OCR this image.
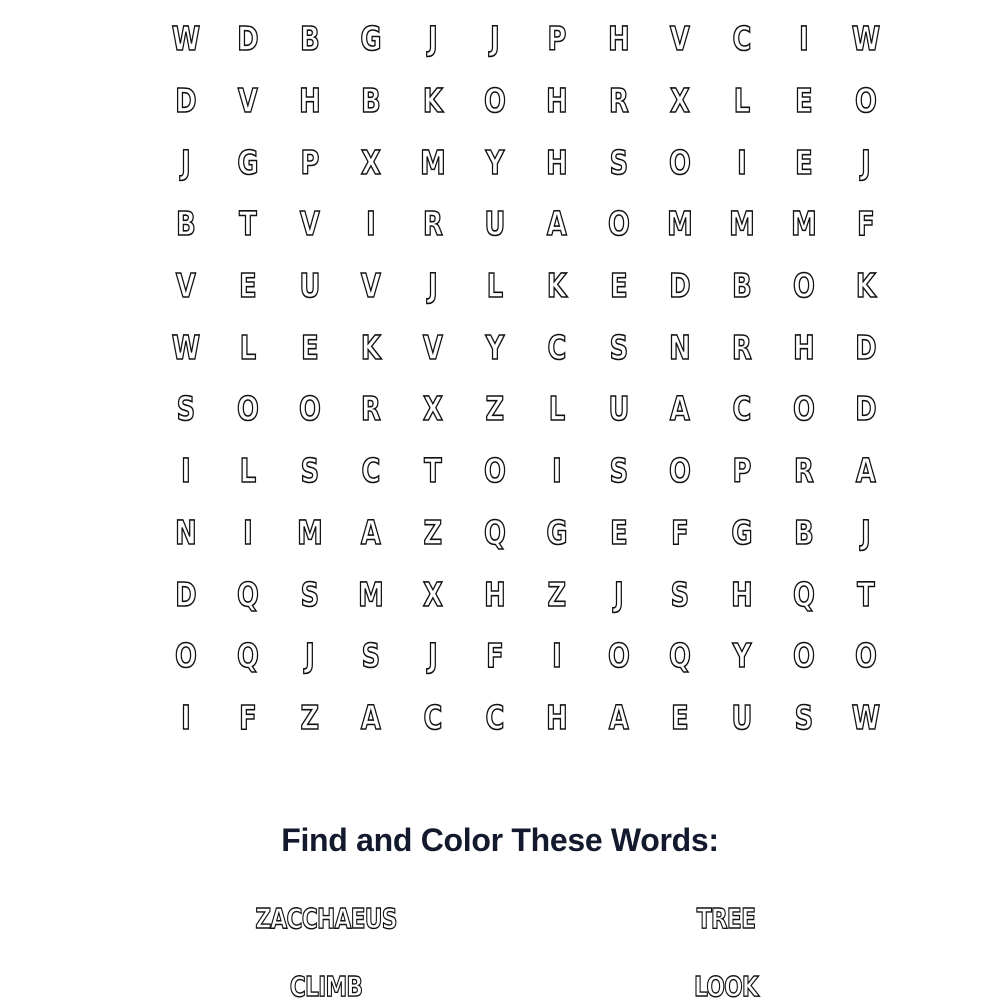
W	D	B	G	J	J	P	H	V	C	I	W
D	V	H	B	K	O	H	R	X	L	E	O
J	G	P	X	M	Y	H	S	O	I	E	J
B	T	V	I	R	U	A	O	M	M	M	F
V	E	U	V	J	L	K	E	D	B	O	K
W	L	E	K	V	Y	C	S	N	R	H	D
S	O	O	R	X	Z	L	U	A	C	O	D
I	L	S	C	T	O	I	S	O	P	R	A
N	I	M	A	Z	Q	G	E	F	G	B	J
D	Q	S	M	X	H	Z	J	S	H	Q	T
O	Q	J	S	J	F	I	O	Q	Y	O	O
I	F	Z	A	C	C	H	A	E	U	S	W
Find and Color These Words:
ZACCHAEUS	TREE
CLIMB	LOOK
